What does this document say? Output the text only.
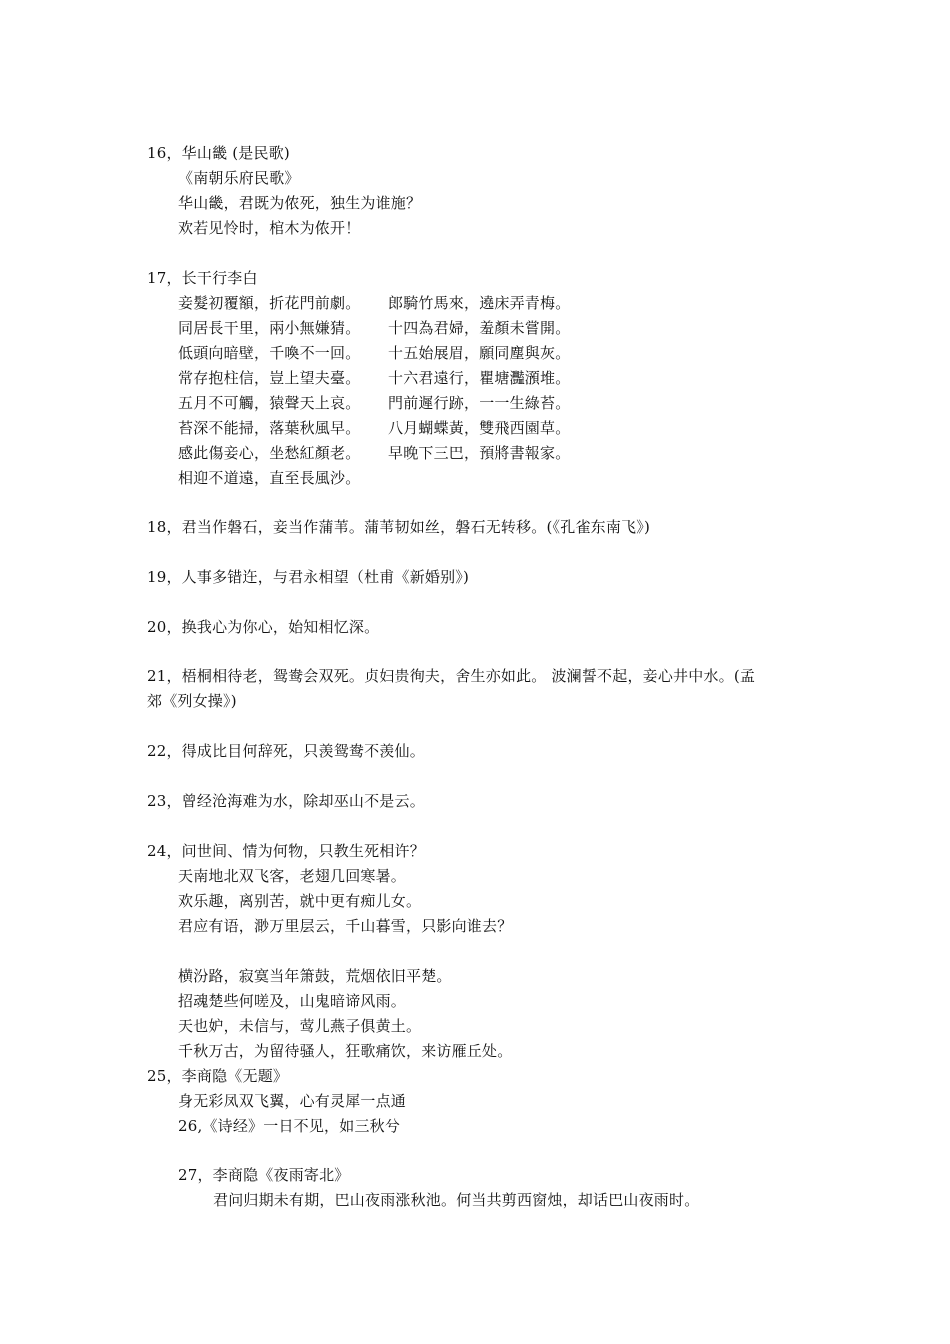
16，华山畿 (是民歌)
《南朝乐府民歌》
华山畿，君既为侬死，独生为谁施？
欢若见怜时，棺木为侬开！
17，长干行李白
妾髮初覆額，折花門前劇。 郎騎竹馬來，遶床弄青梅。
同居長干里，兩小無嫌猜。 十四為君婦，羞顏未嘗開。
低頭向暗壁，千喚不一回。 十五始展眉，願同塵與灰。
常存抱柱信，豈上望夫臺。 十六君遠行，瞿塘灩澦堆。
五月不可觸，猿聲天上哀。 門前遲行跡，一一生綠苔。
苔深不能掃，落葉秋風早。 八月蝴蝶黃，雙飛西園草。
感此傷妾心，坐愁紅顏老。 早晚下三巴，預將書報家。
相迎不道遠，直至長風沙。
18，君当作磐石，妾当作蒲苇。蒲苇韧如丝，磐石无转移。(《孔雀东南飞》)
19，人事多错迕，与君永相望（杜甫《新婚别》)
20，换我心为你心，始知相忆深。
21，梧桐相待老，鸳鸯会双死。贞妇贵徇夫，舍生亦如此。 波澜誓不起，妾心井中水。(孟
郊《列女操》)
22，得成比目何辞死，只羡鸳鸯不羡仙。
23，曾经沧海难为水，除却巫山不是云。
24，问世间、情为何物，只教生死相许？
天南地北双飞客，老翅几回寒暑。
欢乐趣，离别苦，就中更有痴儿女。
君应有语，渺万里层云，千山暮雪，只影向谁去？
横汾路，寂寞当年箫鼓，荒烟依旧平楚。
招魂楚些何嗟及，山鬼暗谛风雨。
天也妒，未信与，莺儿燕子俱黄土。
千秋万古，为留待骚人，狂歌痛饮，来访雁丘处。
25，李商隐《无题》
身无彩凤双飞翼，心有灵犀一点通
26,《诗经》一日不见，如三秋兮
27，李商隐《夜雨寄北》
君问归期未有期，巴山夜雨涨秋池。何当共剪西窗烛，却话巴山夜雨时。
